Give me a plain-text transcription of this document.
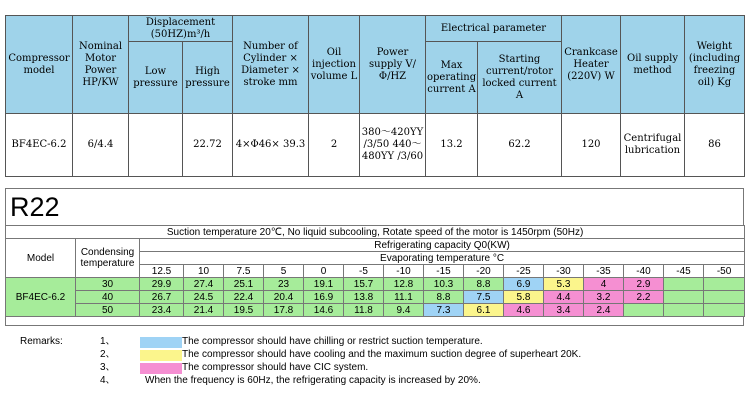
Compressor model	Nominal Motor Power HP/KW	Displacement (50HZ)m³/h		Number of Cylinder × Diameter × stroke mm	Oil injection volume L	Power supply V/Φ/HZ	Electrical parameter		Crankcase Heater (220V) W	Oil supply method	Weight (including freezing oil) Kg
		Low pressure	High pressure				Max operating current A	Starting current/rotor locked current A			
BF4EC-6.2	6/4.4		22.72	4×Φ46× 39.3	2	380～420YY /3/50 440～480YY /3/60	13.2	62.2	120	Centrifugal lubrication	86
R22
Suction temperature 20℃, No liquid subcooling, Rotate speed of the motor is 1450rpm (50Hz)																
Model	Condensing temperature	Refrigerating capacity Q0(KW)														
		Evaporating temperature °C														
		12.5	10	7.5	5	0	-5	-10	-15	-20	-25	-30	-35	-40	-45	-50
BF4EC-6.2	30	29.9	27.4	25.1	23	19.1	15.7	12.8	10.3	8.8	6.9	5.3	4	2.9		
	40	26.7	24.5	22.4	20.4	16.9	13.8	11.1	8.8	7.5	5.8	4.4	3.2	2.2		
	50	23.4	21.4	19.5	17.8	14.6	11.8	9.4	7.3	6.1	4.6	3.4	2.4			
Remarks:	1、	The compressor should have chilling or restrict suction temperature.
2、	The compressor should have cooling and the maximum suction degree of superheart 20K.
3、	The compressor should have CIC system.
4、	When the frequency is 60Hz, the refrigerating capacity is increased by 20%.
